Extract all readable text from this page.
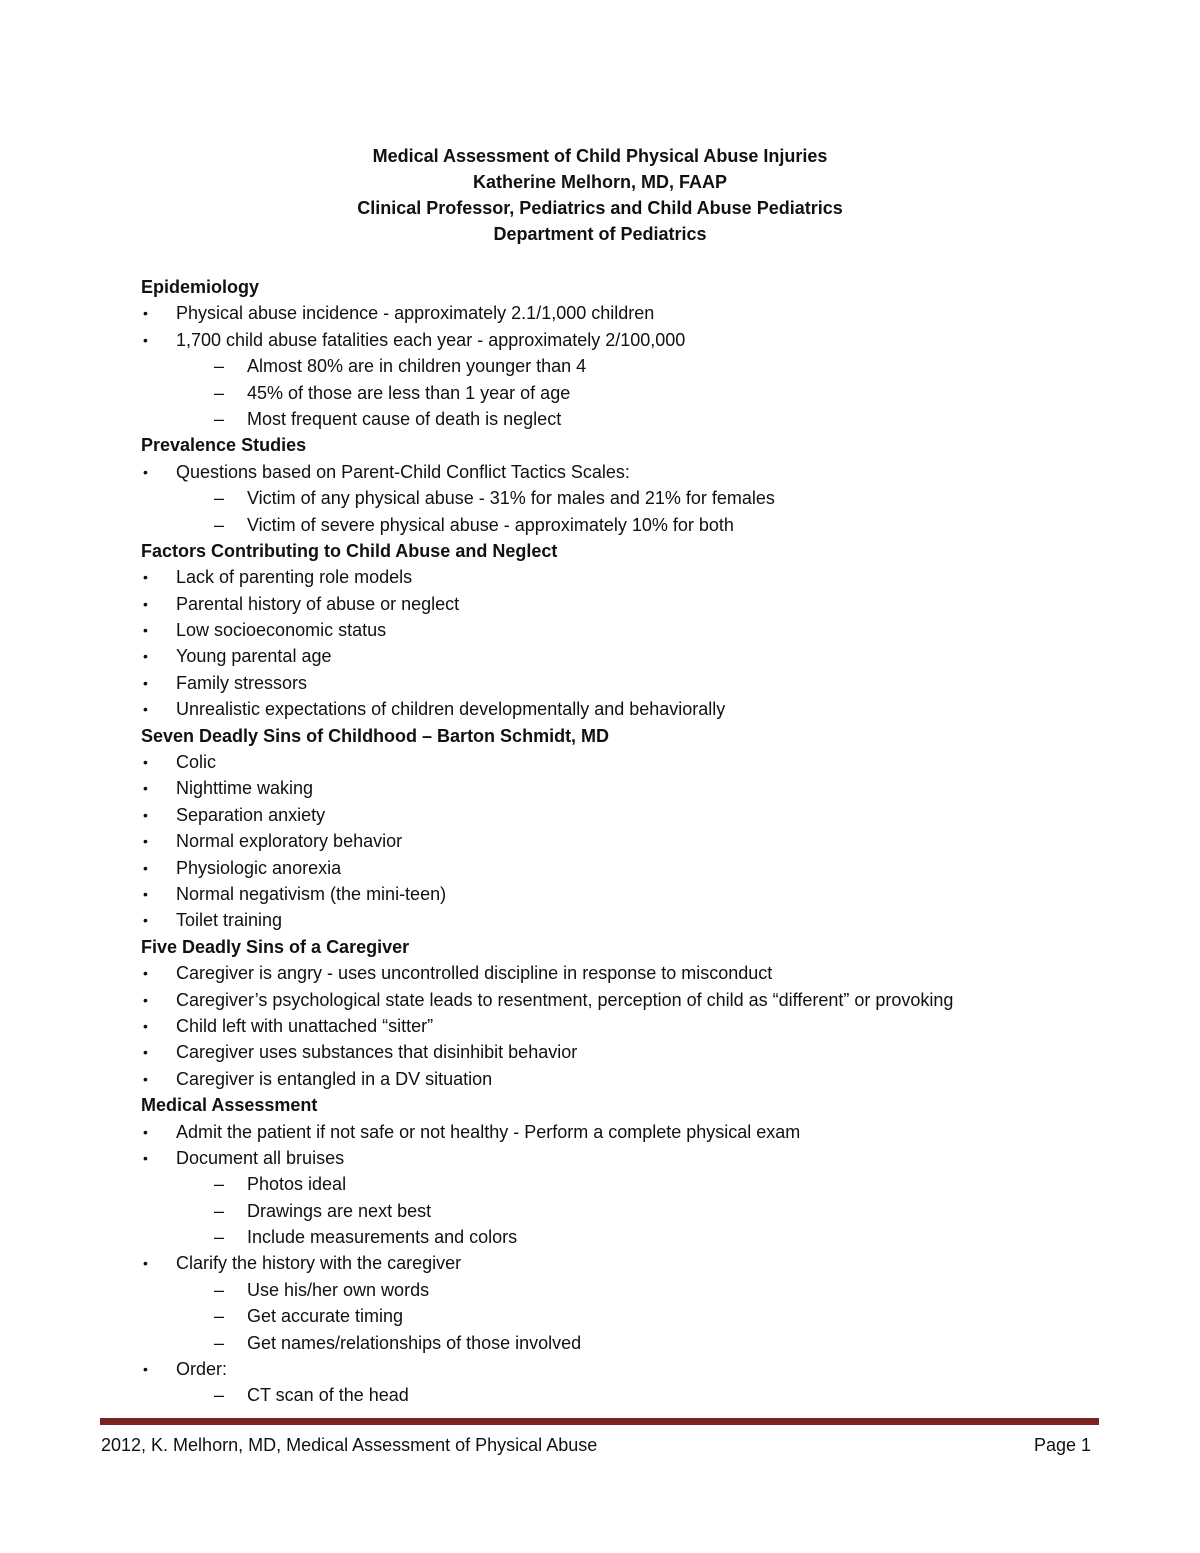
Medical Assessment of Child Physical Abuse Injuries
Katherine Melhorn, MD, FAAP
Clinical Professor, Pediatrics and Child Abuse Pediatrics
Department of Pediatrics
Epidemiology
• Physical abuse incidence - approximately 2.1/1,000 children
• 1,700 child abuse fatalities each year - approximately 2/100,000
– Almost 80% are in children younger than 4
– 45% of those are less than 1 year of age
– Most frequent cause of death is neglect
Prevalence Studies
• Questions based on Parent-Child Conflict Tactics Scales:
– Victim of any physical abuse - 31% for males and 21% for females
– Victim of severe physical abuse - approximately 10% for both
Factors Contributing to Child Abuse and Neglect
• Lack of parenting role models
• Parental history of abuse or neglect
• Low socioeconomic status
• Young parental age
• Family stressors
• Unrealistic expectations of children developmentally and behaviorally
Seven Deadly Sins of Childhood – Barton Schmidt, MD
• Colic
• Nighttime waking
• Separation anxiety
• Normal exploratory behavior
• Physiologic anorexia
• Normal negativism (the mini-teen)
• Toilet training
Five Deadly Sins of a Caregiver
• Caregiver is angry - uses uncontrolled discipline in response to misconduct
• Caregiver’s psychological state leads to resentment, perception of child as “different” or provoking
• Child left with unattached “sitter”
• Caregiver uses substances that disinhibit behavior
• Caregiver is entangled in a DV situation
Medical Assessment
• Admit the patient if not safe or not healthy - Perform a complete physical exam
• Document all bruises
– Photos ideal
– Drawings are next best
– Include measurements and colors
• Clarify the history with the caregiver
– Use his/her own words
– Get accurate timing
– Get names/relationships of those involved
• Order:
– CT scan of the head
2012, K. Melhorn, MD, Medical Assessment of Physical Abuse	Page 1
